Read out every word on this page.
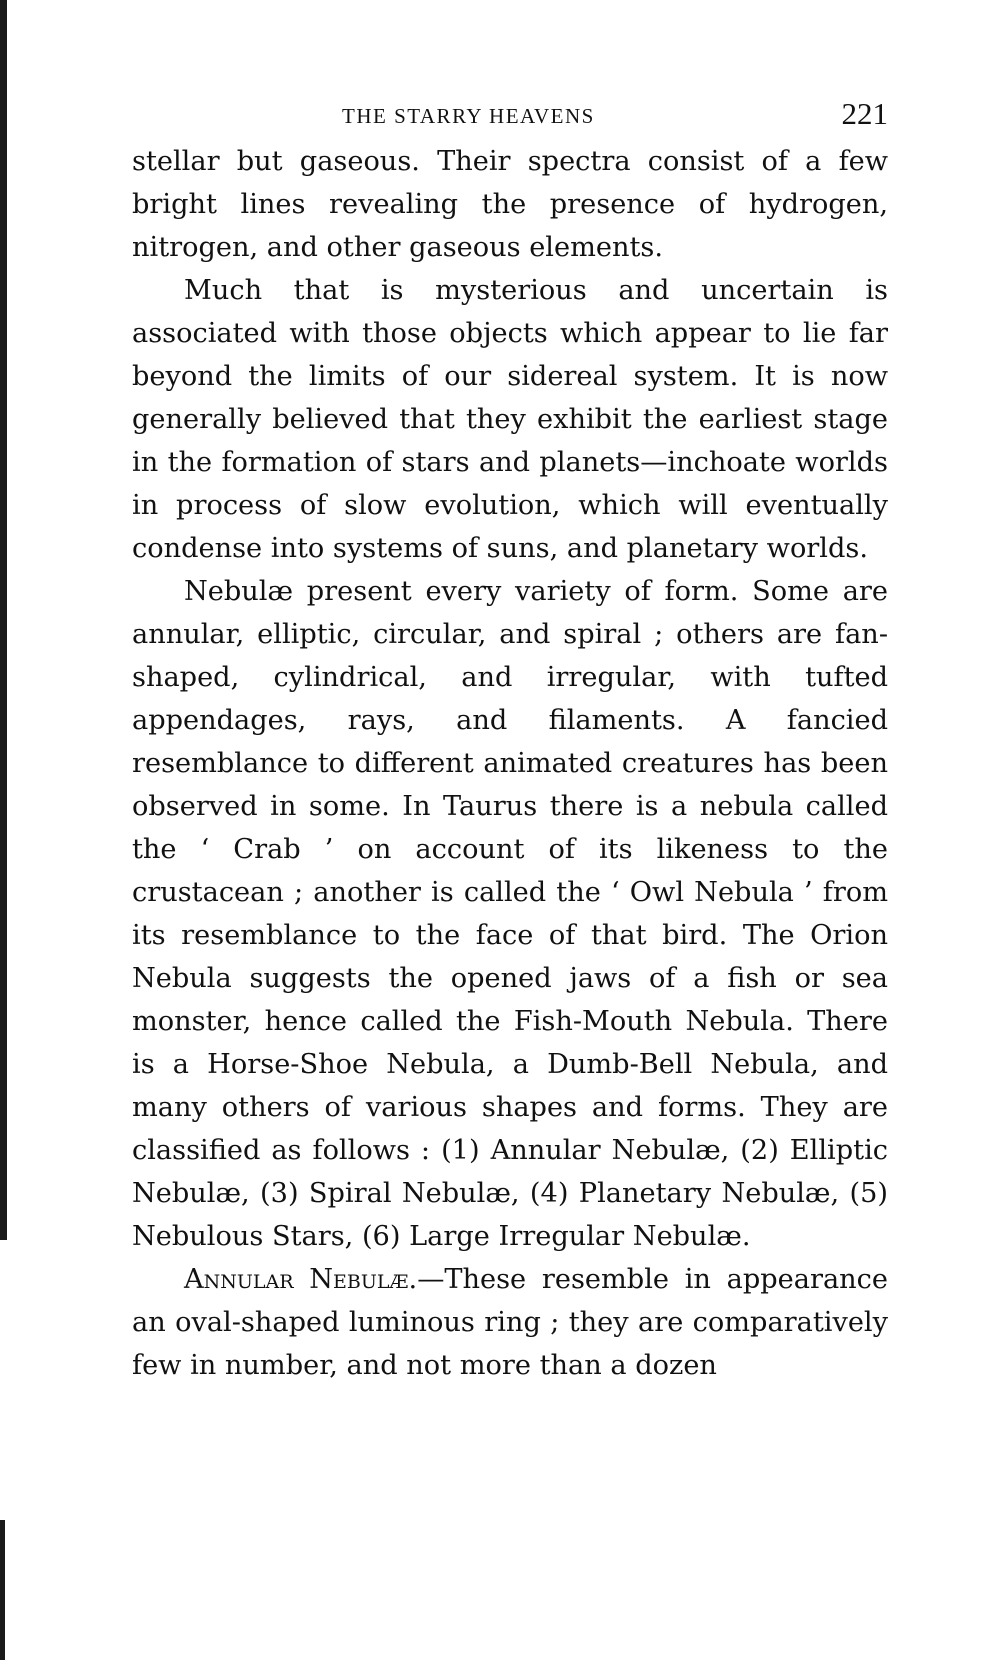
THE STARRY HEAVENS	221

stellar but gaseous. Their spectra consist of a few bright lines revealing the presence of hydrogen, nitrogen, and other gaseous elements.

Much that is mysterious and uncertain is associated with those objects which appear to lie far beyond the limits of our sidereal system. It is now generally believed that they exhibit the earliest stage in the formation of stars and planets—inchoate worlds in process of slow evolution, which will eventually condense into systems of suns, and planetary worlds.

Nebulæ present every variety of form. Some are annular, elliptic, circular, and spiral ; others are fan-shaped, cylindrical, and irregular, with tufted appendages, rays, and filaments. A fancied resemblance to different animated creatures has been observed in some. In Taurus there is a nebula called the ‘ Crab ’ on account of its likeness to the crustacean ; another is called the ‘ Owl Nebula ’ from its resemblance to the face of that bird. The Orion Nebula suggests the opened jaws of a fish or sea monster, hence called the Fish-Mouth Nebula. There is a Horse-Shoe Nebula, a Dumb-Bell Nebula, and many others of various shapes and forms. They are classified as follows : (1) Annular Nebulæ, (2) Elliptic Nebulæ, (3) Spiral Nebulæ, (4) Planetary Nebulæ, (5) Nebulous Stars, (6) Large Irregular Nebulæ.

Annular Nebulæ.—These resemble in appearance an oval-shaped luminous ring ; they are comparatively few in number, and not more than a dozen
